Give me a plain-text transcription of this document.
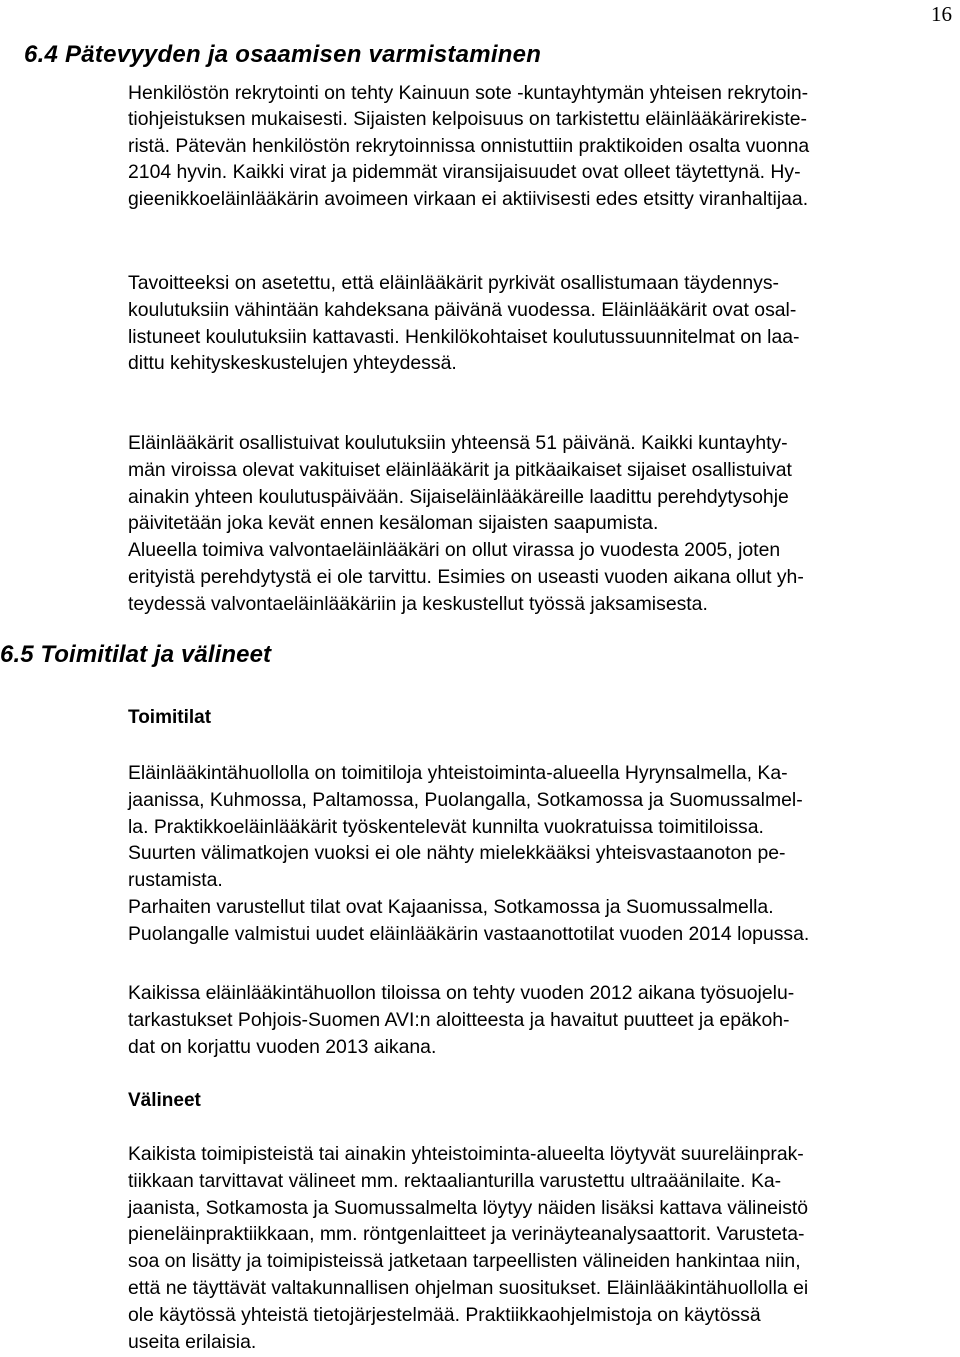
16
6.4 Pätevyyden ja osaamisen varmistaminen
Henkilöstön rekrytointi on tehty Kainuun sote -kuntayhtymän yhteisen rekrytoin-
tiohjeistuksen mukaisesti. Sijaisten kelpoisuus on tarkistettu eläinlääkärirekiste-
ristä. Pätevän henkilöstön rekrytoinnissa onnistuttiin praktikoiden osalta vuonna
2104 hyvin. Kaikki virat ja pidemmät viransijaisuudet ovat olleet täytettynä. Hy-
gieenikkoeläinlääkärin avoimeen virkaan ei aktiivisesti edes etsitty viranhaltijaa.
Tavoitteeksi on asetettu, että eläinlääkärit pyrkivät osallistumaan täydennys-
koulutuksiin vähintään kahdeksana päivänä vuodessa. Eläinlääkärit ovat osal-
listuneet koulutuksiin kattavasti. Henkilökohtaiset koulutussuunnitelmat on laa-
dittu kehityskeskustelujen yhteydessä.
Eläinlääkärit osallistuivat koulutuksiin yhteensä 51 päivänä. Kaikki kuntayhty-
män viroissa olevat vakituiset eläinlääkärit ja pitkäaikaiset sijaiset osallistuivat
ainakin yhteen koulutuspäivään. Sijaiseläinlääkäreille laadittu perehdytysohje
päivitetään joka kevät ennen kesäloman sijaisten saapumista.
Alueella toimiva valvontaeläinlääkäri on ollut virassa jo vuodesta 2005, joten
erityistä perehdytystä ei ole tarvittu. Esimies on useasti vuoden aikana ollut yh-
teydessä valvontaeläinlääkäriin ja keskustellut työssä jaksamisesta.
6.5 Toimitilat ja välineet
Toimitilat
Eläinlääkintähuollolla on toimitiloja yhteistoiminta-alueella Hyrynsalmella, Ka-
jaanissa, Kuhmossa, Paltamossa, Puolangalla, Sotkamossa ja Suomussalmel-
la. Praktikkoeläinlääkärit työskentelevät kunnilta vuokratuissa toimitiloissa.
Suurten välimatkojen vuoksi ei ole nähty mielekkääksi yhteisvastaanoton pe-
rustamista.
Parhaiten varustellut tilat ovat Kajaanissa, Sotkamossa ja Suomussalmella.
Puolangalle valmistui uudet eläinlääkärin vastaanottotilat vuoden 2014 lopussa.
Kaikissa eläinlääkintähuollon tiloissa on tehty vuoden 2012 aikana työsuojelu-
tarkastukset Pohjois-Suomen AVI:n aloitteesta ja havaitut puutteet ja epäkoh-
dat on korjattu vuoden 2013 aikana.
Välineet
Kaikista toimipisteistä tai ainakin yhteistoiminta-alueelta löytyvät suureläinprak-
tiikkaan tarvittavat välineet mm. rektaalianturilla varustettu ultraäänilaite. Ka-
jaanista, Sotkamosta ja Suomussalmelta löytyy näiden lisäksi kattava välineistö
pieneläinpraktiikkaan, mm. röntgenlaitteet ja verinäyteanalysaattorit. Varusteta-
soa on lisätty ja toimipisteissä jatketaan tarpeellisten välineiden hankintaa niin,
että ne täyttävät valtakunnallisen ohjelman suositukset. Eläinlääkintähuollolla ei
ole käytössä yhteistä tietojärjestelmää. Praktiikkaohjelmistoja on käytössä
useita erilaisia.
